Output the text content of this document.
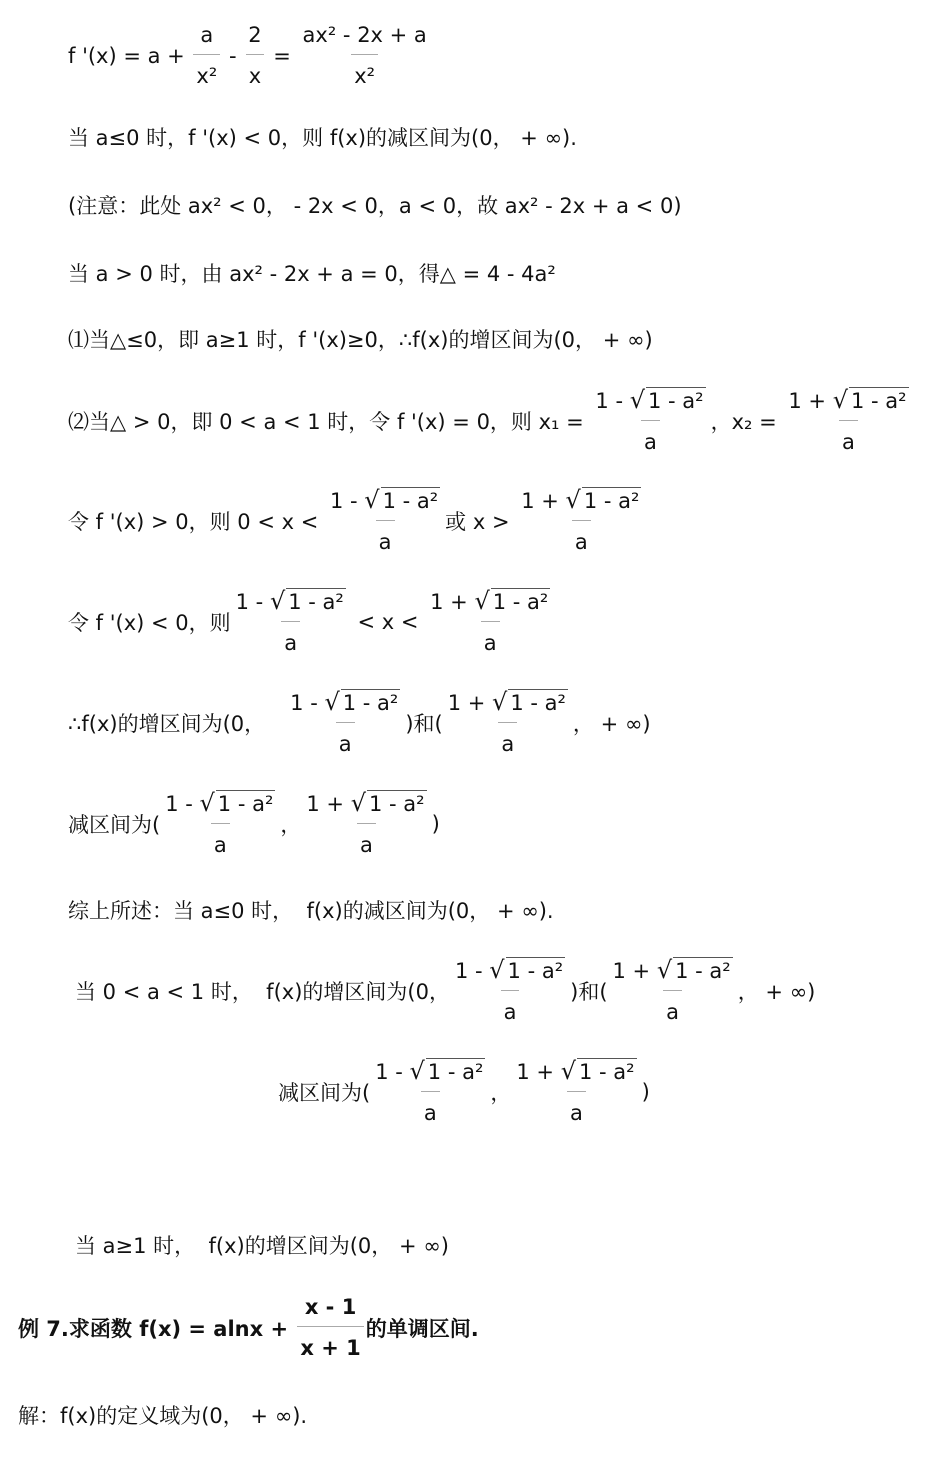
f '$(x) = a + \frac{a}{\text{x²}} - \frac{2}{x} = \frac{\text{ax² - 2x + a}}{\text{x²}}$
当 a≤0 时，f '(x) < 0，则 f(x)的减区间为(0， + ∞).
(注意：此处 ax² < 0， - 2x < 0，a < 0，故 ax² - 2x + a < 0)
当 a > 0 时，由 ax² - 2x + a = 0，得△ = 4 - 4a²
⑴当△≤0，即 a≥1 时，f '(x)≥0，∴f(x)的增区间为(0， + ∞)
⑵当△ > 0，即 0 < a < 1 时，令 f '(x) = 0，则 $x_1 = \frac{\text{1 - √ 1 - a²}}{a}$ ，$x_2 = \frac{\text{1 + √ 1 - a²}}{a}$
令 f '(x) > 0，则 $0 < x < \frac{\text{1 - √ 1 - a²}}{a}$ 或 $x > \frac{\text{1 + √ 1 - a²}}{a}$
令 f '(x) < 0，则 $\frac{\text{1 - √ 1 - a²}}{a} < x < \frac{\text{1 + √ 1 - a²}}{a}$
∴f(x)的增区间为(0， $\frac{\text{1 - √ 1 - a²}}{a}$ )和( $\frac{\text{1 + √ 1 - a²}}{a}$ ， + ∞)
减区间为( $\frac{\text{1 - √ 1 - a²}}{a}$ ， $\frac{\text{1 + √ 1 - a²}}{a}$ )
综上所述：当 a≤0 时，  f(x)的减区间为(0， + ∞).
当 0 < a < 1 时，  f(x)的增区间为(0， $\frac{\text{1 - √ 1 - a²}}{a}$ )和( $\frac{\text{1 + √ 1 - a²}}{a}$ ， + ∞)
减区间为( $\frac{\text{1 - √ 1 - a²}}{a}$ ， $\frac{\text{1 + √ 1 - a²}}{a}$ )
当 a≥1 时，  f(x)的增区间为(0， + ∞)
例 7.求函数 $f(x) = alnx + \frac{x - 1}{x + 1}$ 的单调区间.
解：f(x)的定义域为(0， + ∞).
